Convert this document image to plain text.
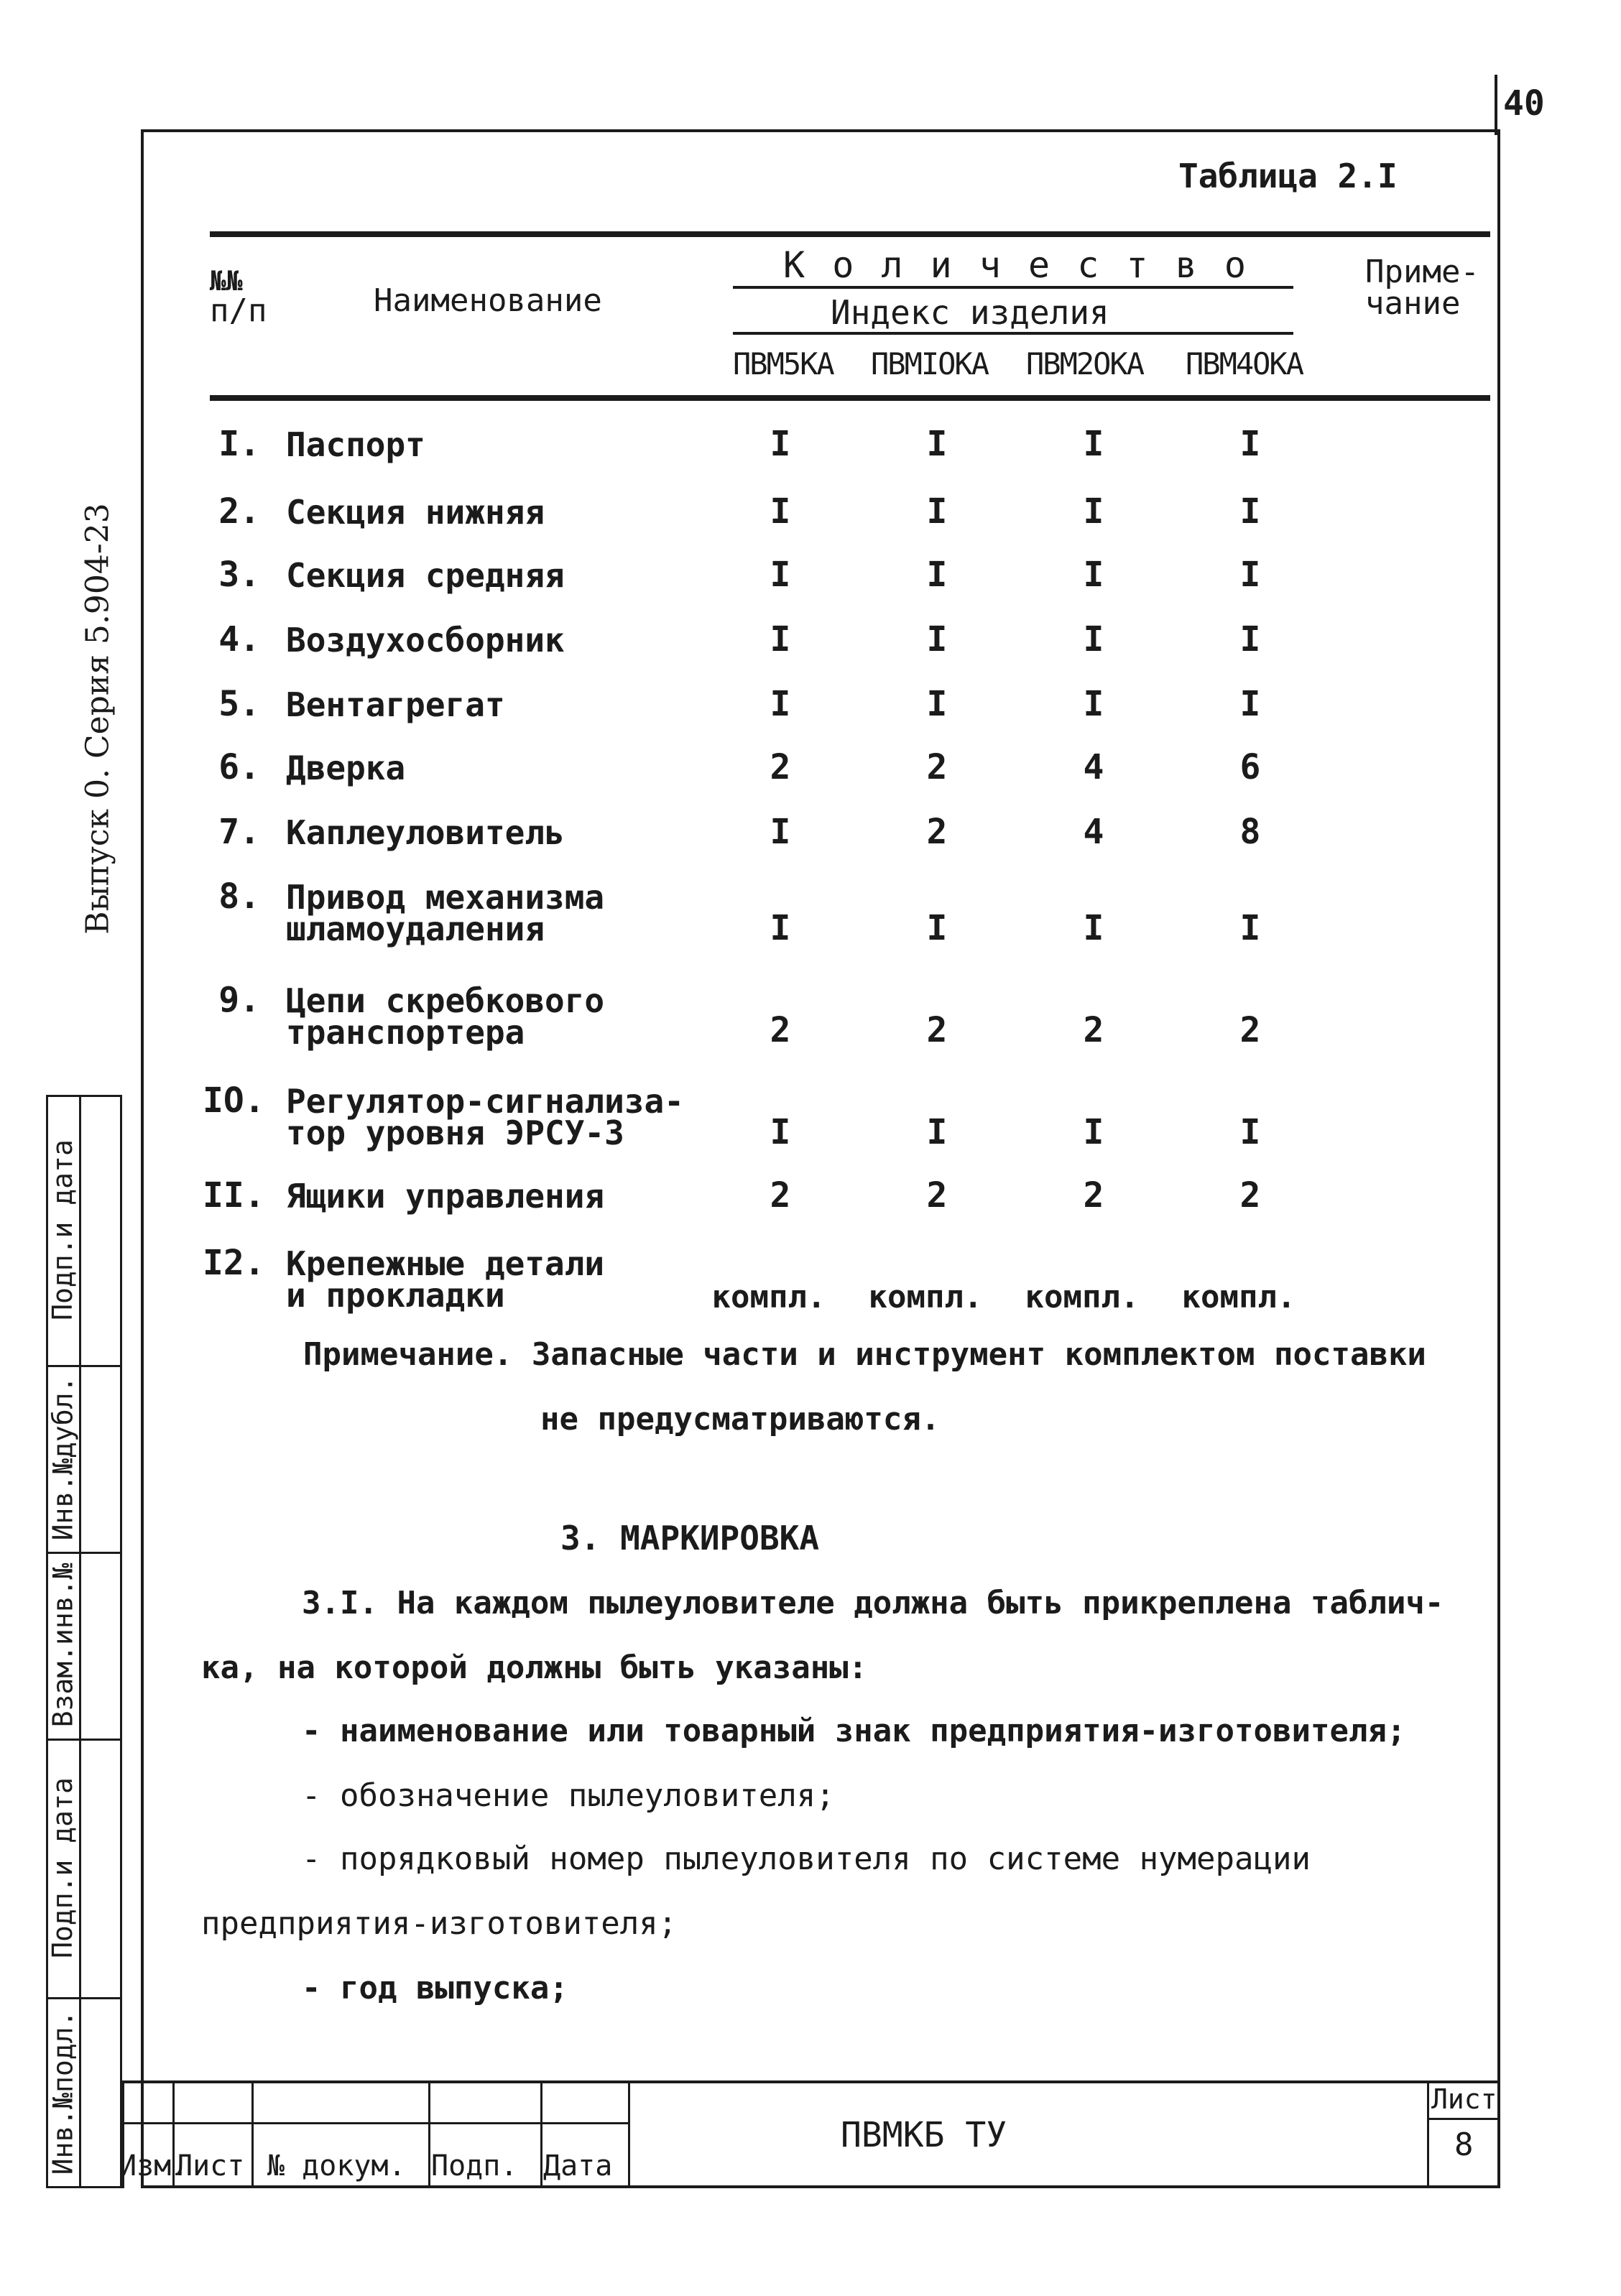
40
Выпуск 0. Серия 5.904-23
Инв.№подл.
Подп.и дата
Взам.инв.№
Инв.№дубл.
Подп.и дата
Таблица 2.I
№№
п/п	Наименование
К о л и ч е с т в о
Индекс изделия
ПВМ5КА ПВМIОКА ПВМ2ОКА ПВМ4ОКА
Приме-
чание
I. Паспорт	I	I	I	I
2. Секция нижняя	I	I	I	I
3. Секция средняя	I	I	I	I
4. Воздухосборник	I	I	I	I
5. Вентагрегат	I	I	I	I
6. Дверка	2	2	4	6
7. Каплеуловитель	I	2	4	8
8. Привод механизма
шламоудаления	I	I	I	I
9. Цепи скребкового
транспортера	2	2	2	2
IO. Регулятор-сигнализа-
тор уровня ЭРСУ-3	I	I	I	I
II. Ящики управления	2	2	2	2
I2. Крепежные детали
и прокладки	компл.	компл.	компл.	компл.
Примечание. Запасные части и инструмент комплектом поставки
не предусматриваются.
3. МАРКИРОВКА
3.I. На каждом пылеуловителе должна быть прикреплена таблич-
ка, на которой должны быть указаны:
- наименование или товарный знак предприятия-изготовителя;
- обозначение пылеуловителя;
- порядковый номер пылеуловителя по системе нумерации
предприятия-изготовителя;
- год выпуска;
Изм.
Лист № докум. Подп. Дата
ПВМКБ ТУ
Лист
8
